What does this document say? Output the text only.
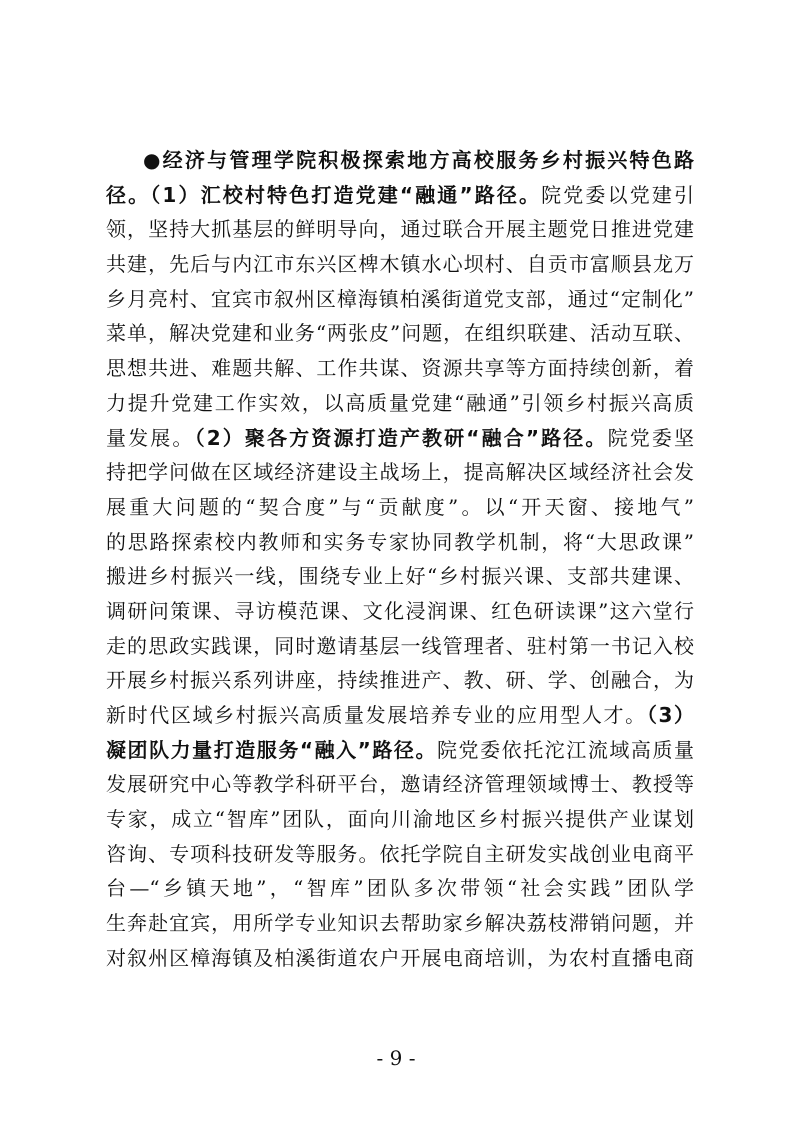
●经济与管理学院积极探索地方高校服务乡村振兴特色路
径。（1）汇校村特色打造党建“融通”路径。院党委以党建引
领，坚持大抓基层的鲜明导向，通过联合开展主题党日推进党建
共建，先后与内江市东兴区椑木镇水心坝村、自贡市富顺县龙万
乡月亮村、宜宾市叙州区樟海镇柏溪街道党支部，通过“定制化”
菜单，解决党建和业务“两张皮”问题，在组织联建、活动互联、
思想共进、难题共解、工作共谋、资源共享等方面持续创新，着
力提升党建工作实效，以高质量党建“融通”引领乡村振兴高质
量发展。（2）聚各方资源打造产教研“融合”路径。院党委坚
持把学问做在区域经济建设主战场上，提高解决区域经济社会发
展重大问题的“契合度”与“贡献度”。以“开天窗、接地气”
的思路探索校内教师和实务专家协同教学机制，将“大思政课”
搬进乡村振兴一线，围绕专业上好“乡村振兴课、支部共建课、
调研问策课、寻访模范课、文化浸润课、红色研读课”这六堂行
走的思政实践课，同时邀请基层一线管理者、驻村第一书记入校
开展乡村振兴系列讲座，持续推进产、教、研、学、创融合，为
新时代区域乡村振兴高质量发展培养专业的应用型人才。（3）
凝团队力量打造服务“融入”路径。院党委依托沱江流域高质量
发展研究中心等教学科研平台，邀请经济管理领域博士、教授等
专家，成立“智库”团队，面向川渝地区乡村振兴提供产业谋划
咨询、专项科技研发等服务。依托学院自主研发实战创业电商平
台—“乡镇天地”，“智库”团队多次带领“社会实践”团队学
生奔赴宜宾，用所学专业知识去帮助家乡解决荔枝滞销问题，并
对叙州区樟海镇及柏溪街道农户开展电商培训，为农村直播电商
- 9 -
